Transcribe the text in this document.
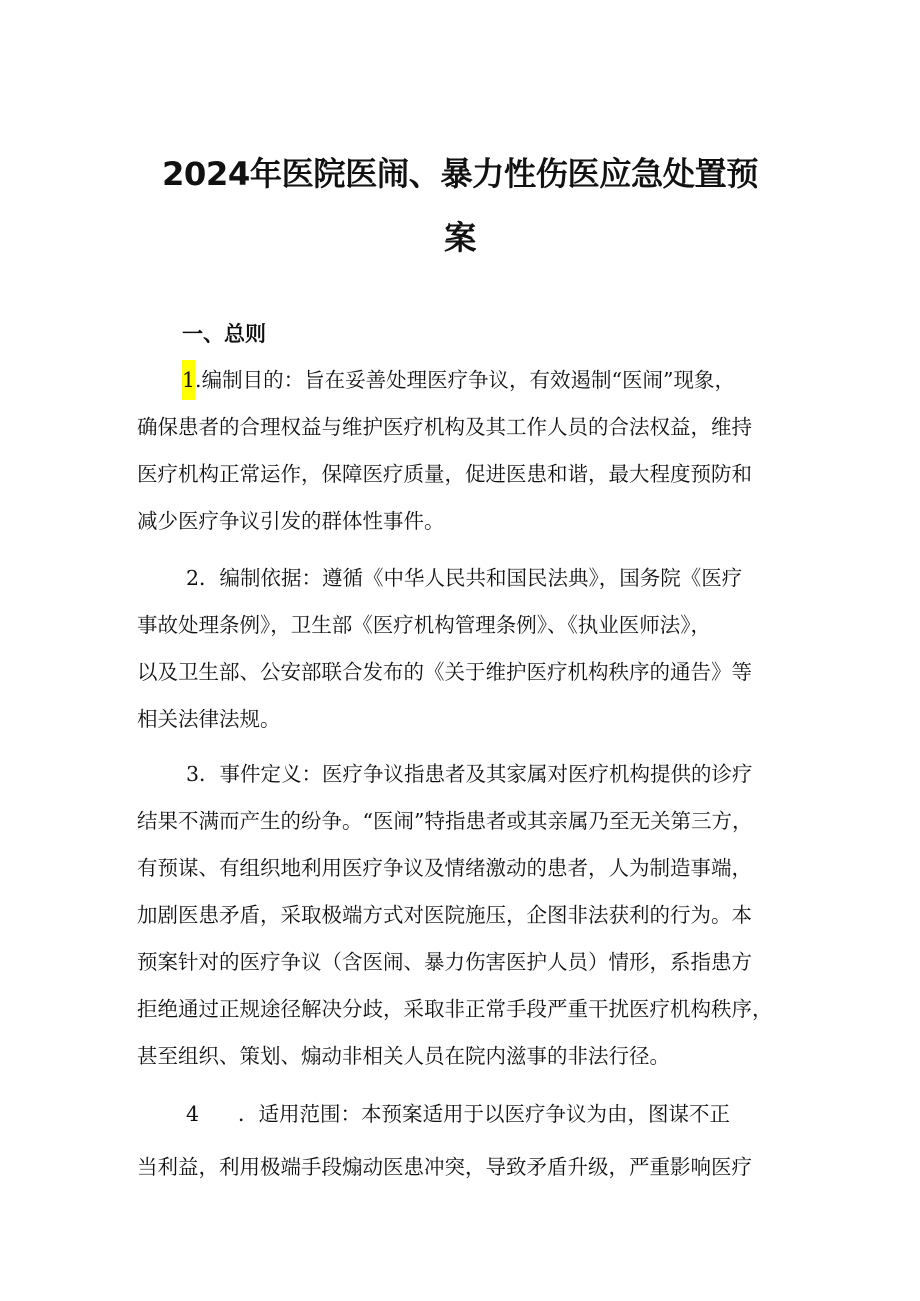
2024年医院医闹、暴力性伤医应急处置预
案
一、总则
1.编制目的：旨在妥善处理医疗争议，有效遏制“医闹”现象，
确保患者的合理权益与维护医疗机构及其工作人员的合法权益，维持
医疗机构正常运作，保障医疗质量，促进医患和谐，最大程度预防和
减少医疗争议引发的群体性事件。
2．编制依据：遵循《中华人民共和国民法典》，国务院《医疗
事故处理条例》，卫生部《医疗机构管理条例》、《执业医师法》，
以及卫生部、公安部联合发布的《关于维护医疗机构秩序的通告》等
相关法律法规。
3．事件定义：医疗争议指患者及其家属对医疗机构提供的诊疗
结果不满而产生的纷争。“医闹”特指患者或其亲属乃至无关第三方，
有预谋、有组织地利用医疗争议及情绪激动的患者，人为制造事端，
加剧医患矛盾，采取极端方式对医院施压，企图非法获利的行为。本
预案针对的医疗争议（含医闹、暴力伤害医护人员）情形，系指患方
拒绝通过正规途径解决分歧，采取非正常手段严重干扰医疗机构秩序，
甚至组织、策划、煽动非相关人员在院内滋事的非法行径。
4 ．适用范围：本预案适用于以医疗争议为由，图谋不正
当利益，利用极端手段煽动医患冲突，导致矛盾升级，严重影响医疗
